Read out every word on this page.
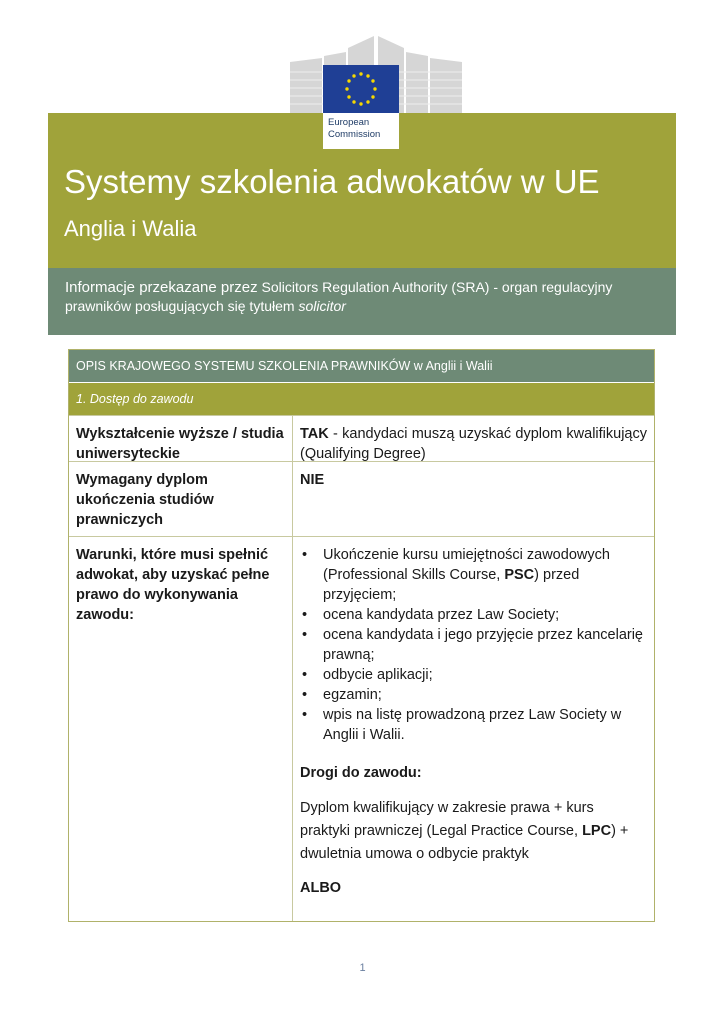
European
Commission
Systemy szkolenia adwokatów w UE
Anglia i Walia
Informacje przekazane przez Solicitors Regulation Authority (SRA) - organ regulacyjny prawników posługujących się tytułem solicitor
OPIS KRAJOWEGO SYSTEMU SZKOLENIA PRAWNIKÓW w Anglii i Walii
1. Dostęp do zawodu
Wykształcenie wyższe / studia uniwersyteckie
TAK - kandydaci muszą uzyskać dyplom kwalifikujący (Qualifying Degree)
Wymagany dyplom ukończenia studiów prawniczych
NIE
Warunki, które musi spełnić adwokat, aby uzyskać pełne prawo do wykonywania zawodu:
• Ukończenie kursu umiejętności zawodowych (Professional Skills Course, PSC) przed przyjęciem;
• ocena kandydata przez Law Society;
• ocena kandydata i jego przyjęcie przez kancelarię prawną;
• odbycie aplikacji;
• egzamin;
• wpis na listę prowadzoną przez Law Society w Anglii i Walii.
Drogi do zawodu:
Dyplom kwalifikujący w zakresie prawa + kurs praktyki prawniczej (Legal Practice Course, LPC) + dwuletnia umowa o odbycie praktyk
ALBO
1
